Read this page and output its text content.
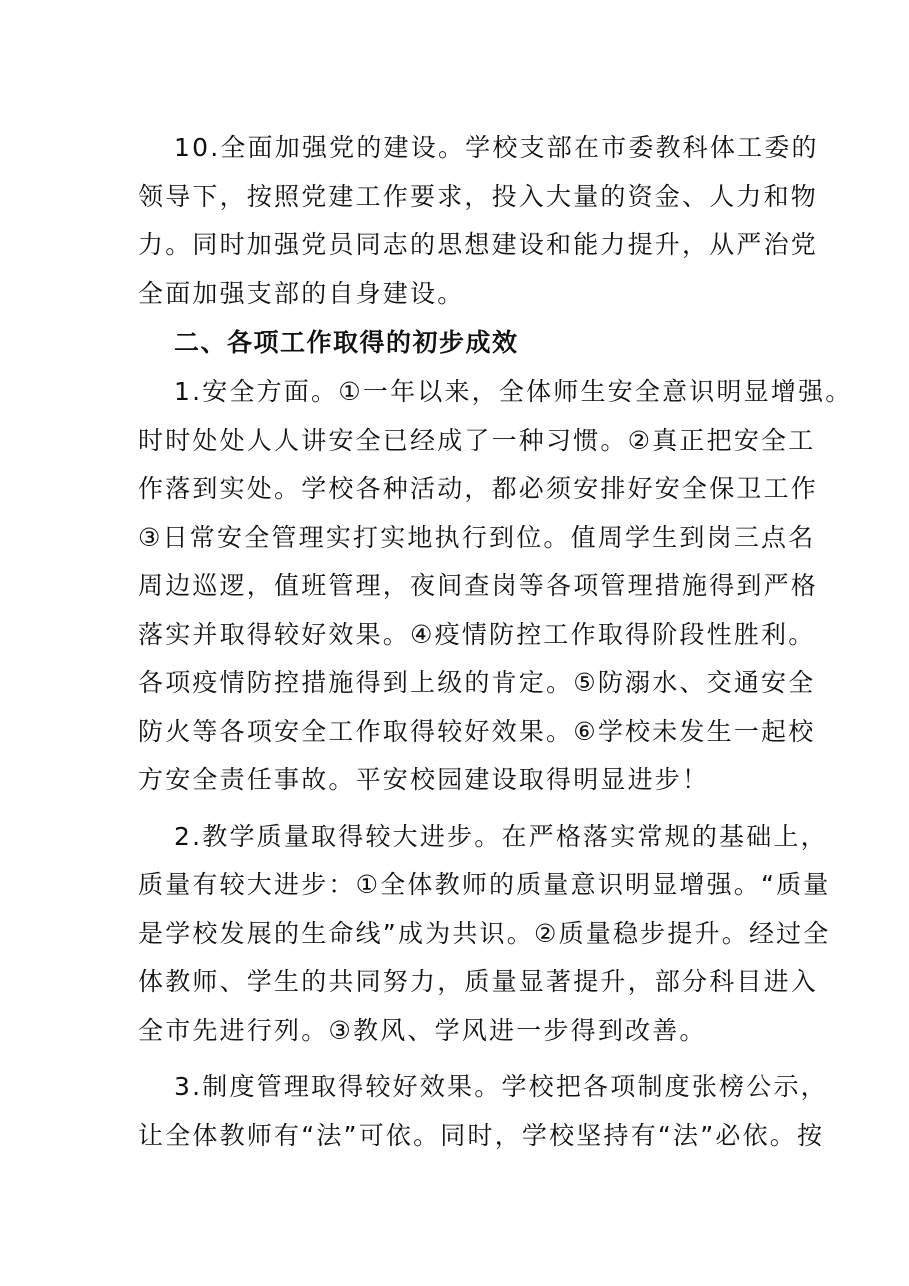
10.全面加强党的建设。学校支部在市委教科体工委的
领导下，按照党建工作要求，投入大量的资金、人力和物
力。同时加强党员同志的思想建设和能力提升，从严治党
全面加强支部的自身建设。
二、各项工作取得的初步成效
1.安全方面。①一年以来，全体师生安全意识明显增强。
时时处处人人讲安全已经成了一种习惯。②真正把安全工
作落到实处。学校各种活动，都必须安排好安全保卫工作
③日常安全管理实打实地执行到位。值周学生到岗三点名
周边巡逻，值班管理，夜间查岗等各项管理措施得到严格
落实并取得较好效果。④疫情防控工作取得阶段性胜利。
各项疫情防控措施得到上级的肯定。⑤防溺水、交通安全
防火等各项安全工作取得较好效果。⑥学校未发生一起校
方安全责任事故。平安校园建设取得明显进步！
2.教学质量取得较大进步。在严格落实常规的基础上，
质量有较大进步：①全体教师的质量意识明显增强。“质量
是学校发展的生命线”成为共识。②质量稳步提升。经过全
体教师、学生的共同努力，质量显著提升，部分科目进入
全市先进行列。③教风、学风进一步得到改善。
3.制度管理取得较好效果。学校把各项制度张榜公示，
让全体教师有“法”可依。同时，学校坚持有“法”必依。按
